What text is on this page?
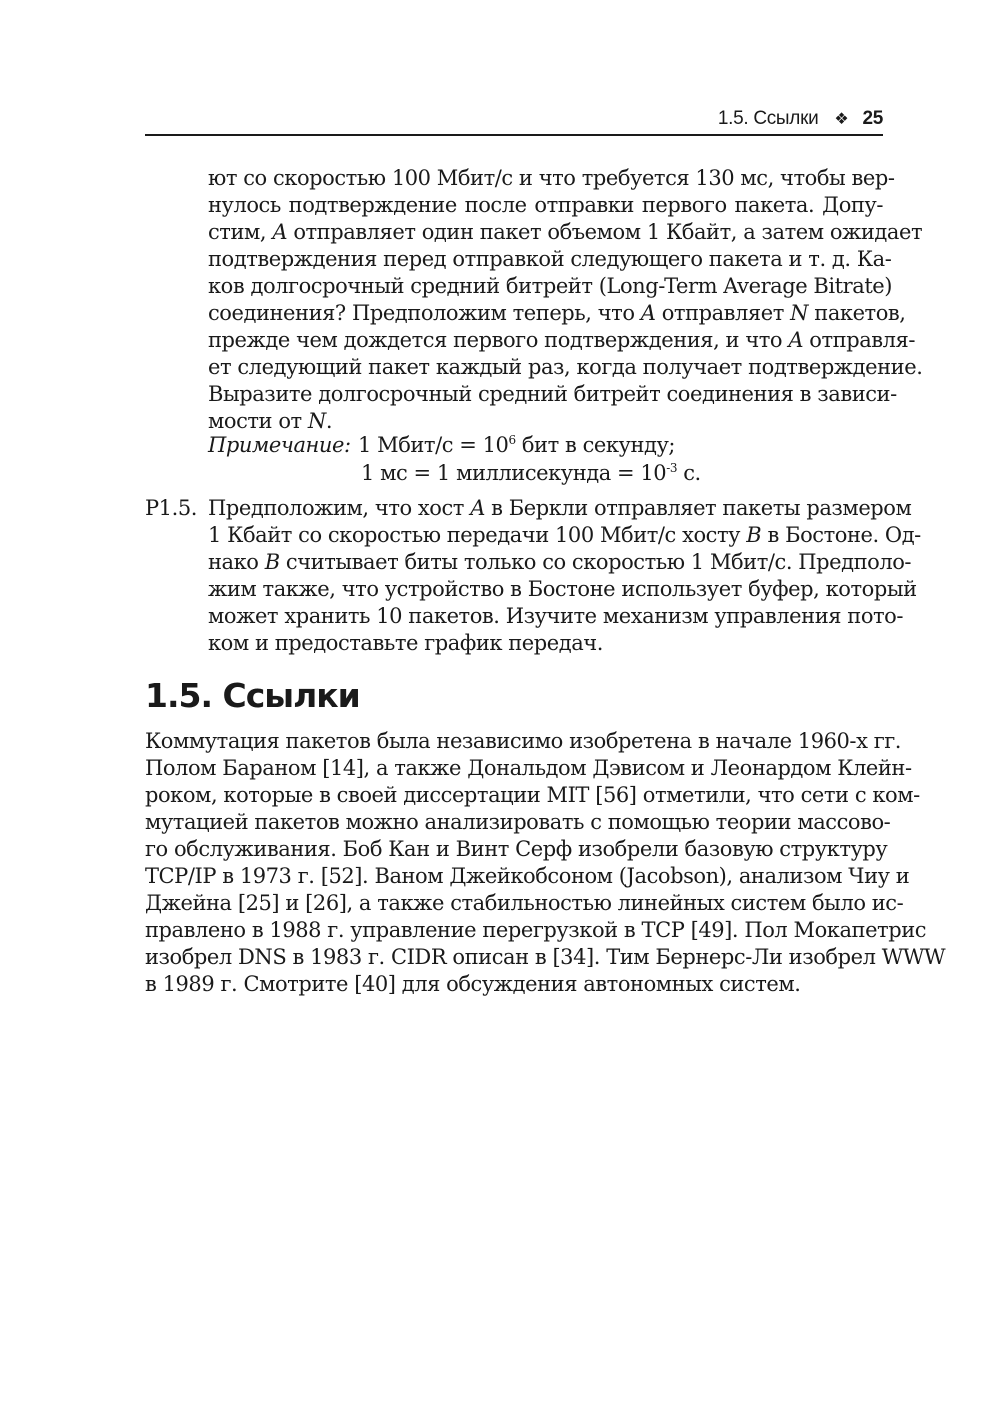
1.5. Ссылки ❖ 25
ют со скоростью 100 Мбит/с и что требуется 130 мс, чтобы вер-
нулось подтверждение после отправки первого пакета. Допу-
стим, A отправляет один пакет объемом 1 Кбайт, а затем ожидает
подтверждения перед отправкой следующего пакета и т. д. Ка-
ков долгосрочный средний битрейт (Long-Term Average Bitrate)
соединения? Предположим теперь, что A отправляет N пакетов,
прежде чем дождется первого подтверждения, и что A отправля-
ет следующий пакет каждый раз, когда получает подтверждение.
Выразите долгосрочный средний битрейт соединения в зависи-
мости от N.
Примечание: 1 Мбит/с = $10^6$ бит в секунду;
1 мс = 1 миллисекунда = $10^{-3}$ с.
P1.5. Предположим, что хост A в Беркли отправляет пакеты размером
1 Кбайт со скоростью передачи 100 Мбит/с хосту B в Бостоне. Од-
нако B считывает биты только со скоростью 1 Мбит/с. Предполо-
жим также, что устройство в Бостоне использует буфер, который
может хранить 10 пакетов. Изучите механизм управления пото-
ком и предоставьте график передач.
1.5. Ссылки
Коммутация пакетов была независимо изобретена в начале 1960-х гг.
Полом Бараном [14], а также Дональдом Дэвисом и Леонардом Клейн-
роком, которые в своей диссертации MIT [56] отметили, что сети с ком-
мутацией пакетов можно анализировать с помощью теории массово-
го обслуживания. Боб Кан и Винт Серф изобрели базовую структуру
TCP/IP в 1973 г. [52]. Ваном Джейкобсоном (Jacobson), анализом Чиу и
Джейна [25] и [26], а также стабильностью линейных систем было ис-
правлено в 1988 г. управление перегрузкой в TCP [49]. Пол Мокапетрис
изобрел DNS в 1983 г. CIDR описан в [34]. Тим Бернерс-Ли изобрел WWW
в 1989 г. Смотрите [40] для обсуждения автономных систем.
